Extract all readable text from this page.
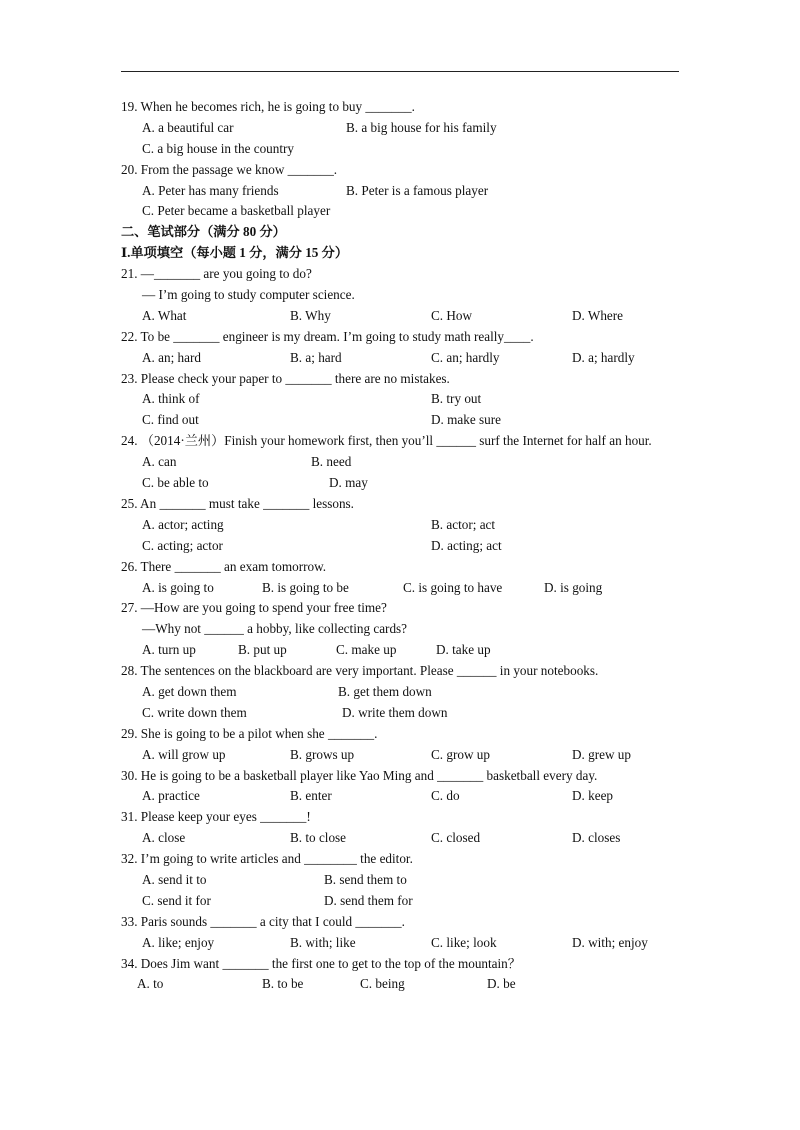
19. When he becomes rich, he is going to buy _______.
A. a beautiful car	B. a big house for his family
C. a big house in the country
20. From the passage we know _______.
A. Peter has many friends	B. Peter is a famous player
C. Peter became a basketball player
二、笔试部分（满分 80 分）
Ⅰ.单项填空（每小题 1 分，满分 15 分）
21. —_______ are you going to do?
— I’m going to study computer science.
A. What	B. Why	C. How	D. Where
22. To be _______ engineer is my dream. I’m going to study math really____.
A. an; hard	B. a; hard	C. an; hardly	D. a; hardly
23. Please check your paper to _______ there are no mistakes.
A. think of	B. try out
C. find out	D. make sure
24. （2014·兰州）Finish your homework first, then you’ll ______ surf the Internet for half an hour.
A. can	B. need
C. be able to	D. may
25. An _______ must take _______ lessons.
A. actor; acting	B. actor; act
C. acting; actor	D. acting; act
26. There _______ an exam tomorrow.
A. is going to	B. is going to be	C. is going to have	D. is going
27. —How are you going to spend your free time?
—Why not ______ a hobby, like collecting cards?
A. turn up	B. put up	C. make up	D. take up
28. The sentences on the blackboard are very important. Please ______ in your notebooks.
A. get down them	B. get them down
C. write down them	D. write them down
29. She is going to be a pilot when she _______.
A. will grow up	B. grows up	C. grow up	D. grew up
30. He is going to be a basketball player like Yao Ming and _______ basketball every day.
A. practice	B. enter	C. do	D. keep
31. Please keep your eyes _______!
A. close	B. to close	C. closed	D. closes
32. I’m going to write articles and ________ the editor.
A. send it to	B. send them to
C. send it for	D. send them for
33. Paris sounds _______ a city that I could _______.
A. like; enjoy	B. with; like	C. like; look	D. with; enjoy
34. Does Jim want _______ the first one to get to the top of the mountain？
A. to	B. to be	C. being	D. be
